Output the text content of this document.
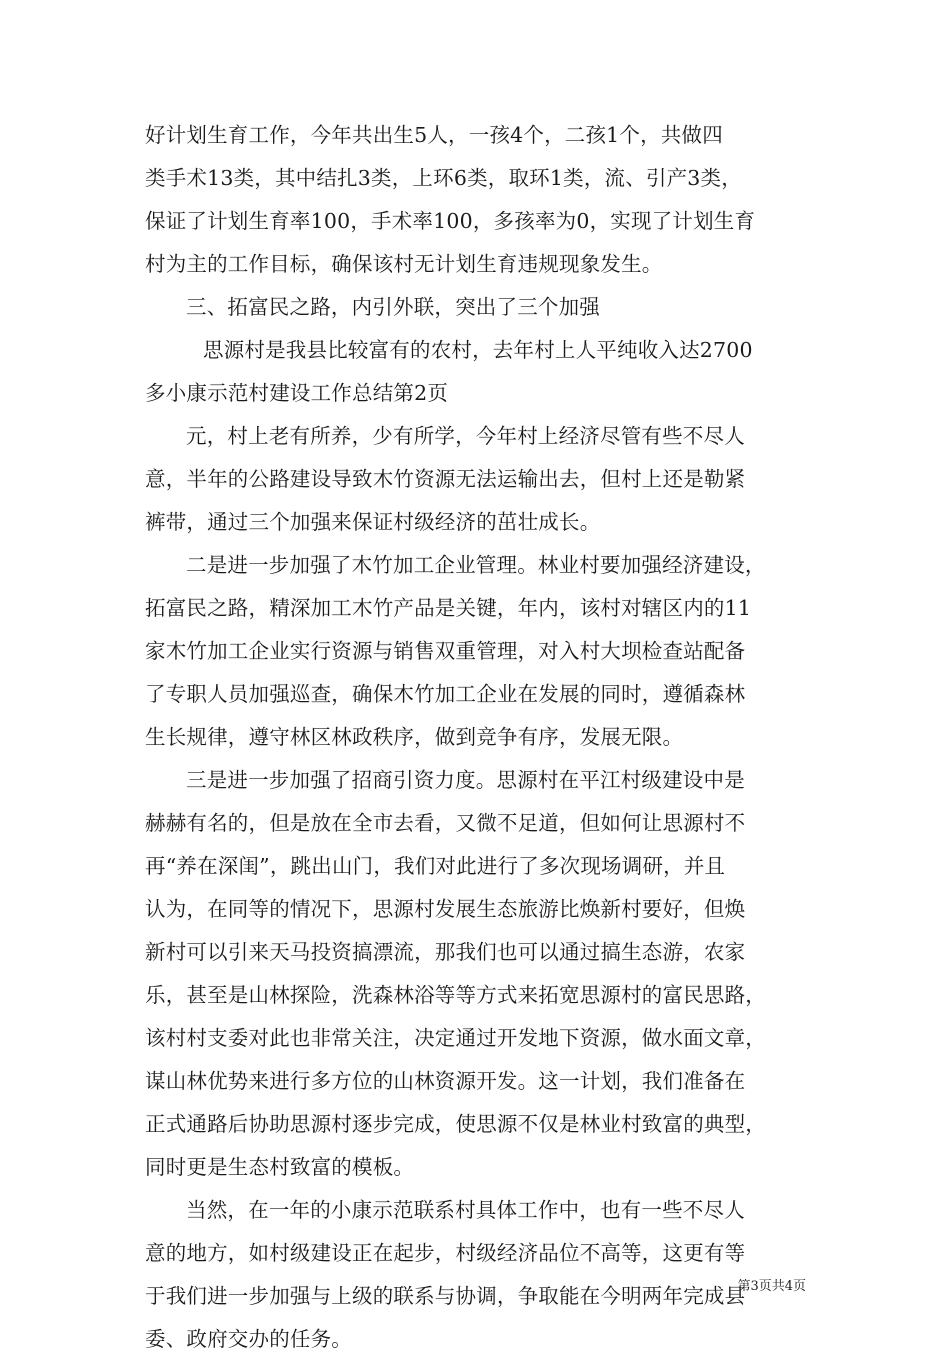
好计划生育工作，今年共出生5人，一孩4个，二孩1个，共做四
类手术13类，其中结扎3类，上环6类，取环1类，流、引产3类，
保证了计划生育率100，手术率100，多孩率为0，实现了计划生育
村为主的工作目标，确保该村无计划生育违规现象发生。
三、拓富民之路，内引外联，突出了三个加强
思源村是我县比较富有的农村，去年村上人平纯收入达2700
多小康示范村建设工作总结第2页
元，村上老有所养，少有所学，今年村上经济尽管有些不尽人
意，半年的公路建设导致木竹资源无法运输出去，但村上还是勒紧
裤带，通过三个加强来保证村级经济的茁壮成长。
二是进一步加强了木竹加工企业管理。林业村要加强经济建设，
拓富民之路，精深加工木竹产品是关键，年内，该村对辖区内的11
家木竹加工企业实行资源与销售双重管理，对入村大坝检查站配备
了专职人员加强巡查，确保木竹加工企业在发展的同时，遵循森林
生长规律，遵守林区林政秩序，做到竞争有序，发展无限。
三是进一步加强了招商引资力度。思源村在平江村级建设中是
赫赫有名的，但是放在全市去看，又微不足道，但如何让思源村不
再“养在深闺”，跳出山门，我们对此进行了多次现场调研，并且
认为，在同等的情况下，思源村发展生态旅游比焕新村要好，但焕
新村可以引来天马投资搞漂流，那我们也可以通过搞生态游，农家
乐，甚至是山林探险，洗森林浴等等方式来拓宽思源村的富民思路，
该村村支委对此也非常关注，决定通过开发地下资源，做水面文章，
谋山林优势来进行多方位的山林资源开发。这一计划，我们准备在
正式通路后协助思源村逐步完成，使思源不仅是林业村致富的典型，
同时更是生态村致富的模板。
当然，在一年的小康示范联系村具体工作中，也有一些不尽人
意的地方，如村级建设正在起步，村级经济品位不高等，这更有等
于我们进一步加强与上级的联系与协调，争取能在今明两年完成县
委、政府交办的任务。
第3页共4页
